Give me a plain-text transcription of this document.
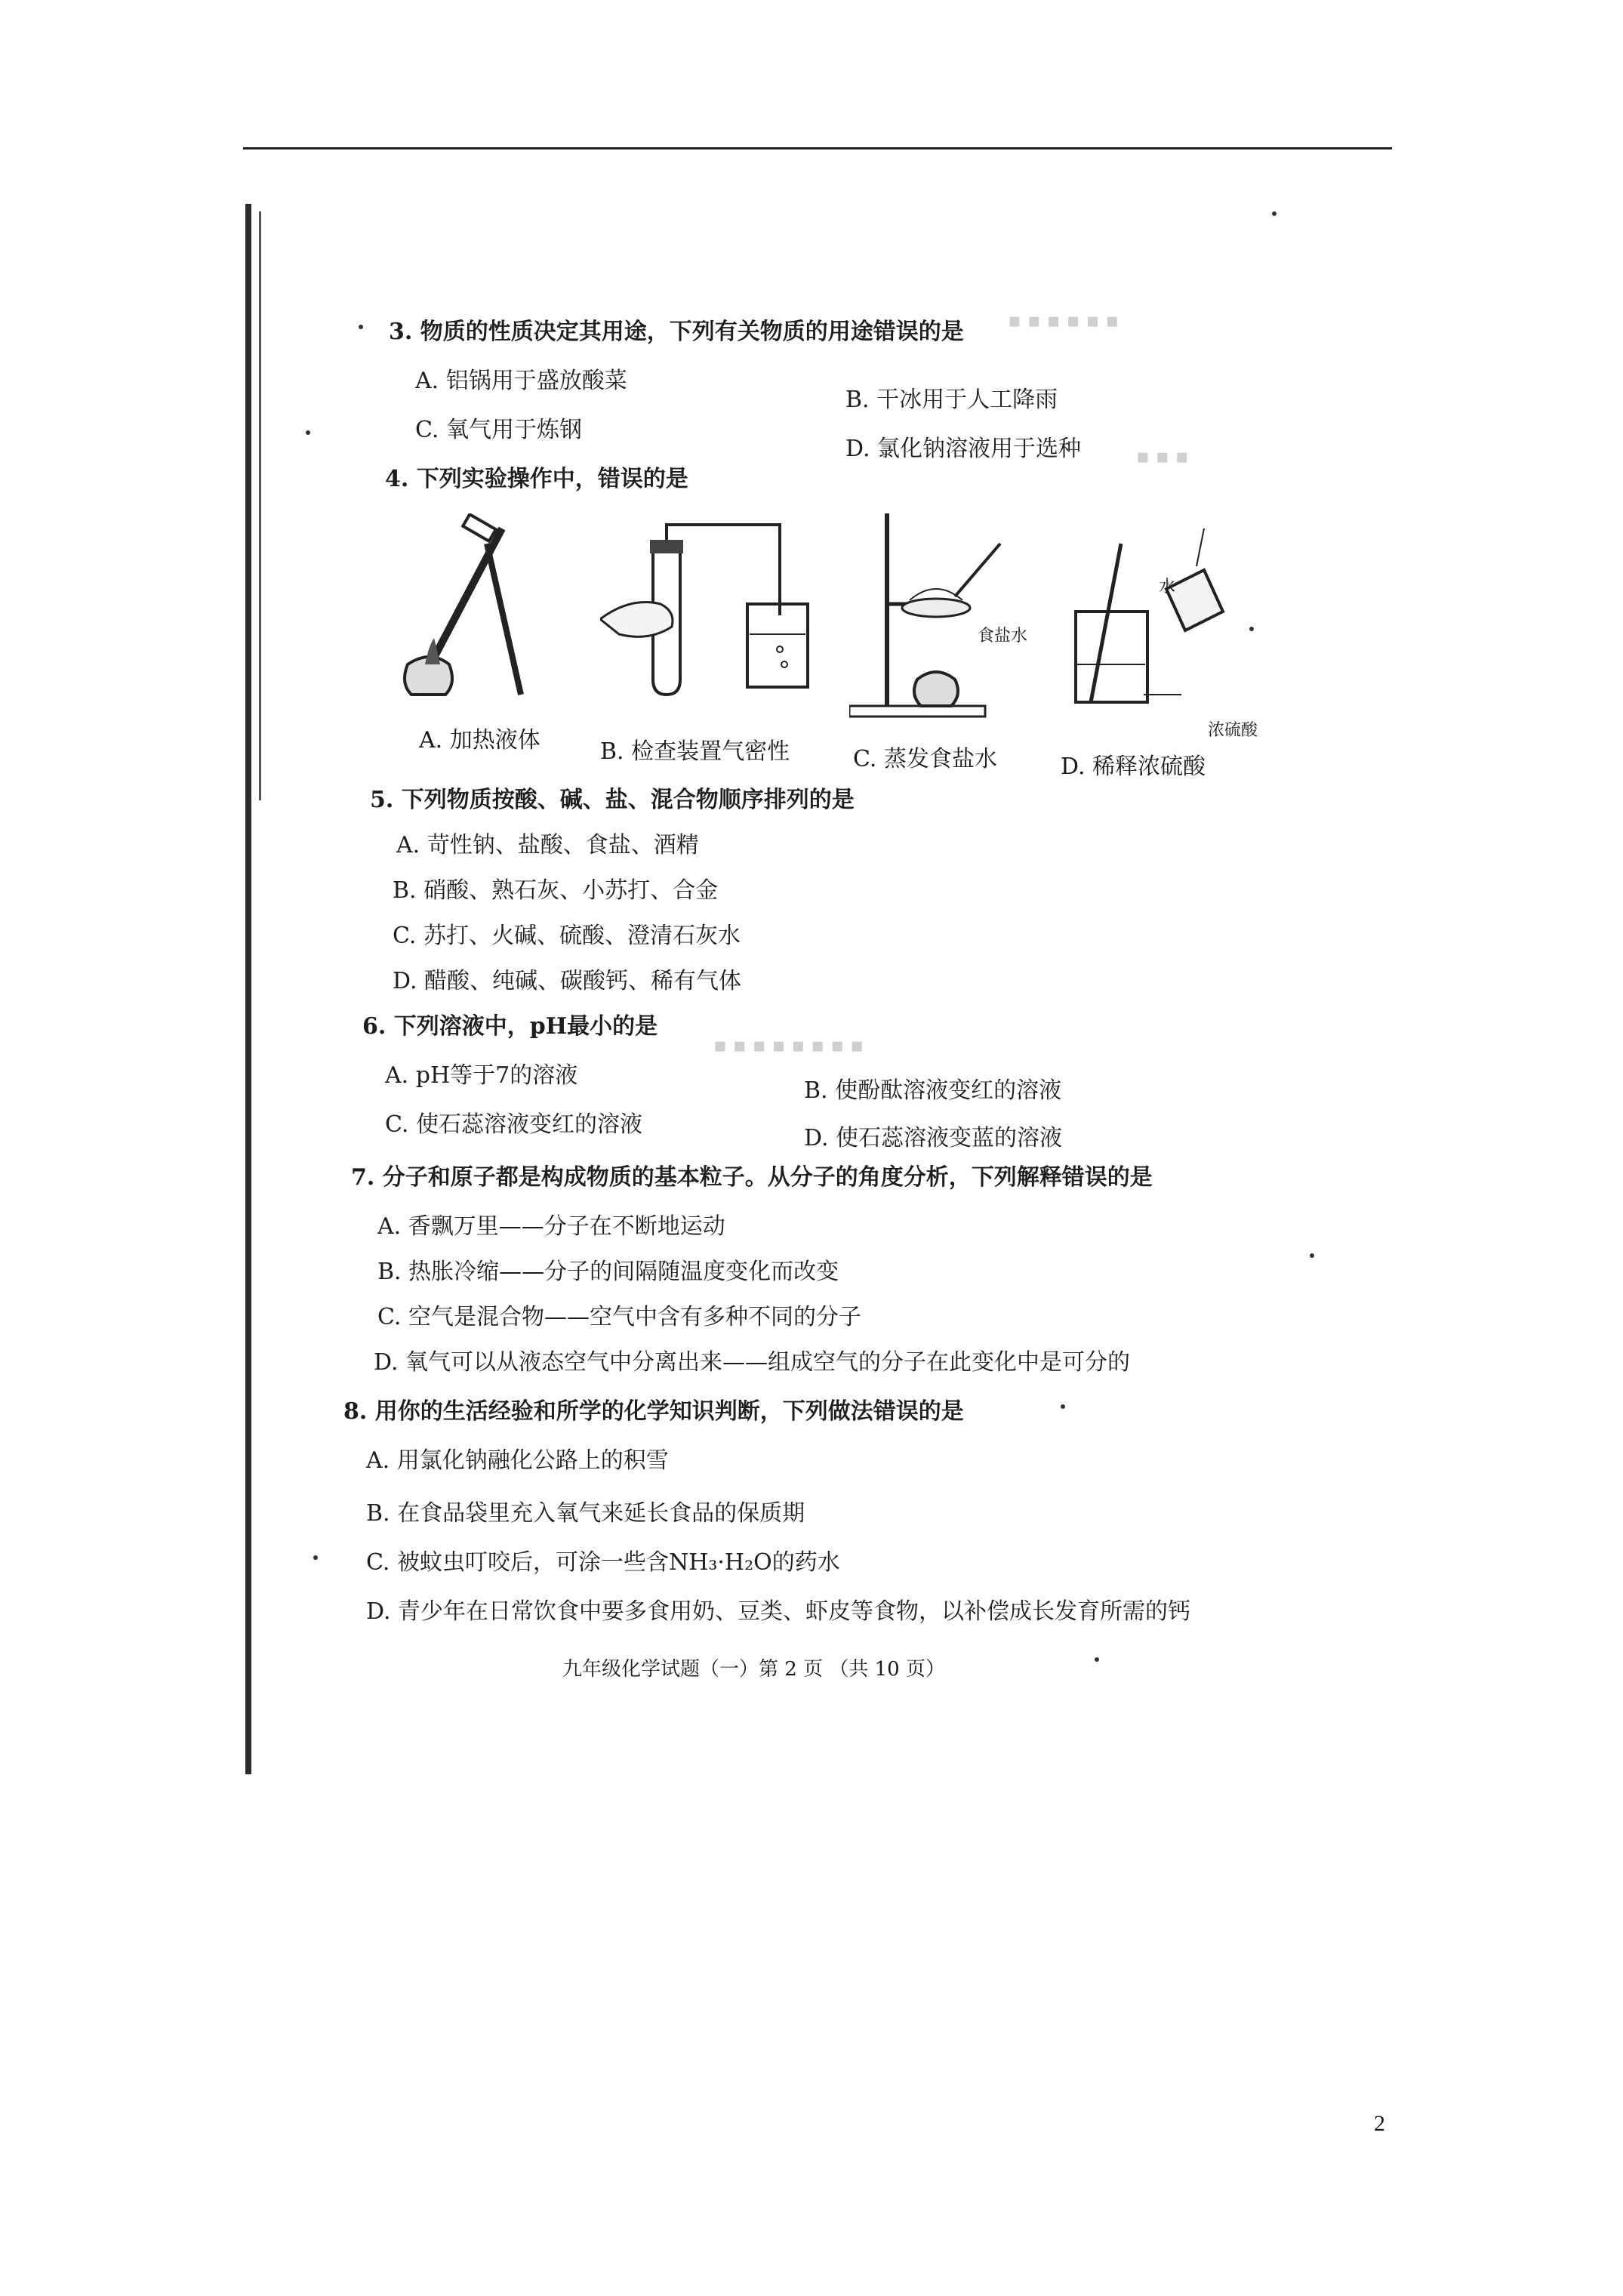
▪ ▪ ▪ ▪ ▪ ▪
▪ ▪ ▪
▪ ▪ ▪ ▪ ▪ ▪ ▪ ▪
3. 物质的性质决定其用途，下列有关物质的用途错误的是
A. 铝锅用于盛放酸菜
B. 干冰用于人工降雨
C. 氧气用于炼钢
D. 氯化钠溶液用于选种
4. 下列实验操作中，错误的是
A. 加热液体	B. 检查装置气密性
食盐水
C. 蒸发食盐水
水
浓硫酸
D. 稀释浓硫酸
5. 下列物质按酸、碱、盐、混合物顺序排列的是
A. 苛性钠、盐酸、食盐、酒精
B. 硝酸、熟石灰、小苏打、合金
C. 苏打、火碱、硫酸、澄清石灰水
D. 醋酸、纯碱、碳酸钙、稀有气体
6. 下列溶液中，pH最小的是
A. pH等于7的溶液
B. 使酚酞溶液变红的溶液
C. 使石蕊溶液变红的溶液
D. 使石蕊溶液变蓝的溶液
7. 分子和原子都是构成物质的基本粒子。从分子的角度分析，下列解释错误的是
A. 香飘万里——分子在不断地运动
B. 热胀冷缩——分子的间隔随温度变化而改变
C. 空气是混合物——空气中含有多种不同的分子
D. 氧气可以从液态空气中分离出来——组成空气的分子在此变化中是可分的
8. 用你的生活经验和所学的化学知识判断，下列做法错误的是
A. 用氯化钠融化公路上的积雪
B. 在食品袋里充入氧气来延长食品的保质期
C. 被蚊虫叮咬后，可涂一些含NH₃·H₂O的药水
D. 青少年在日常饮食中要多食用奶、豆类、虾皮等食物，以补偿成长发育所需的钙
九年级化学试题（一）第 2 页 （共 10 页）
2
